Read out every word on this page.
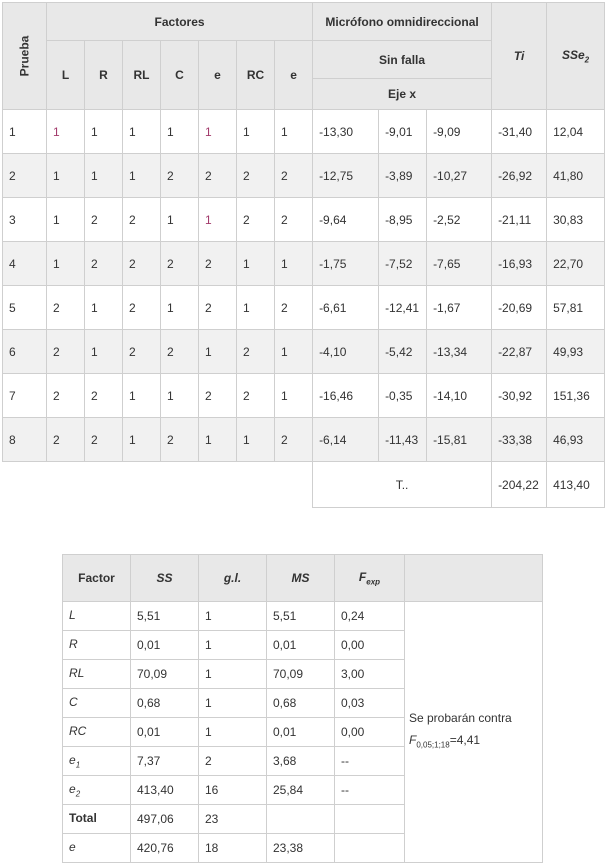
Prueba	Factores							Micrófono omnidireccional			Ti	SSe$_2$
	L	R	RL	C	e	RC	e	Sin falla				
								Eje x				
1	1	1	1	1	1	1	1	-13,30	-9,01	-9,09	-31,40	12,04
2	1	1	1	2	2	2	2	-12,75	-3,89	-10,27	-26,92	41,80
3	1	2	2	1	1	2	2	-9,64	-8,95	-2,52	-21,11	30,83
4	1	2	2	2	2	1	1	-1,75	-7,52	-7,65	-16,93	22,70
5	2	1	2	1	2	1	2	-6,61	-12,41	-1,67	-20,69	57,81
6	2	1	2	2	1	2	1	-4,10	-5,42	-13,34	-22,87	49,93
7	2	2	1	1	2	2	1	-16,46	-0,35	-14,10	-30,92	151,36
8	2	2	1	2	1	1	2	-6,14	-11,43	-15,81	-33,38	46,93
								T..			-204,22	413,40
Factor	SS	g.l.	MS	$F_{exp}$	
L	5,51	1	5,51	0,24	Se probarán contra
$F_{0,05;1;18}=4,41$
R	0,01	1	0,01	0,00	
RL	70,09	1	70,09	3,00	
C	0,68	1	0,68	0,03	
RC	0,01	1	0,01	0,00	
$e_1$	7,37	2	3,68	--	
$e_2$	413,40	16	25,84	--	
Total	497,06	23			
e	420,76	18	23,38		
